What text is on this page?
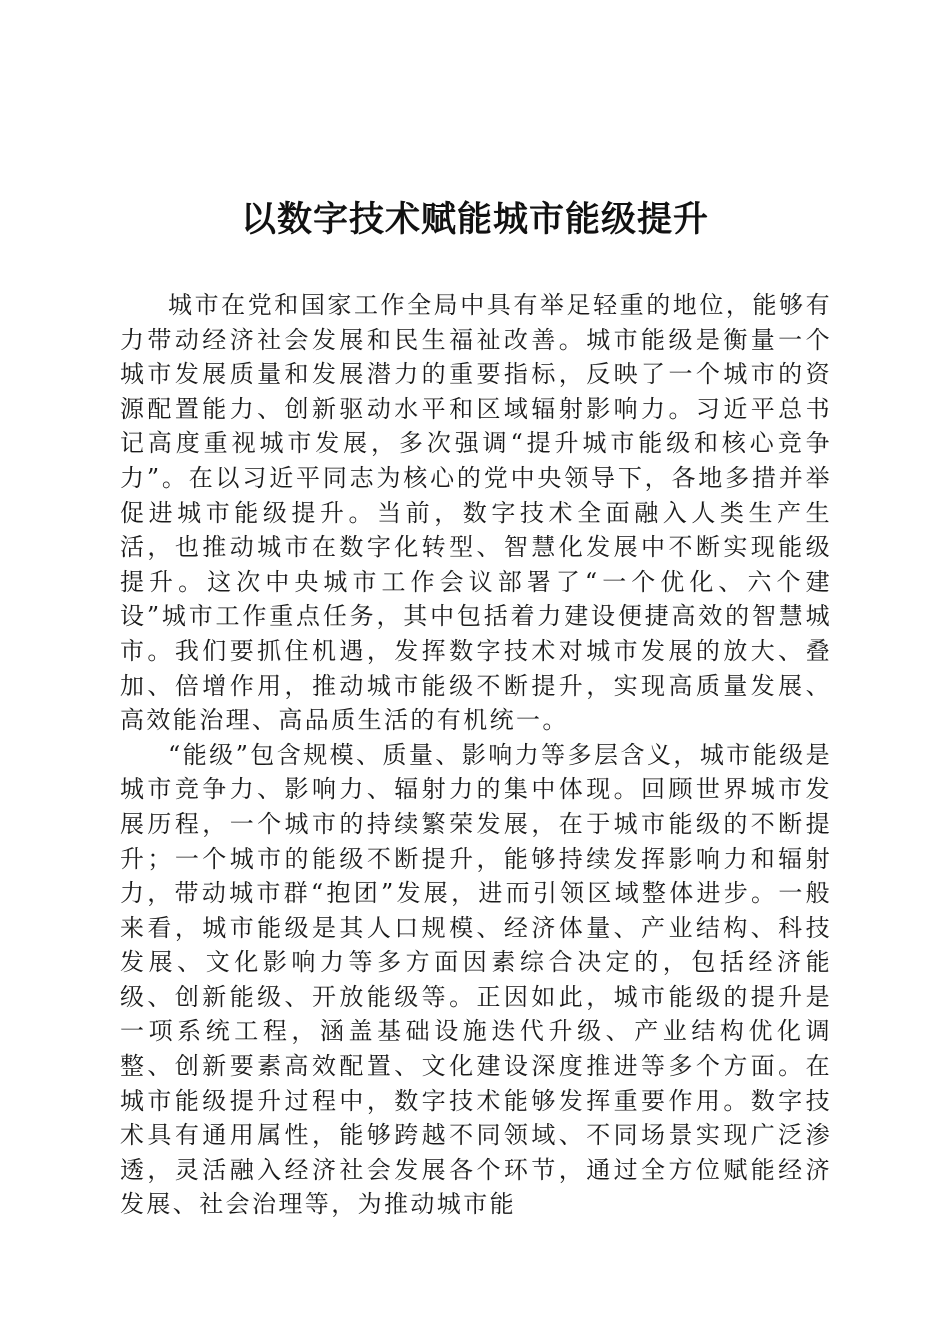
以数字技术赋能城市能级提升

城市在党和国家工作全局中具有举足轻重的地位，能够有力带动经济社会发展和民生福祉改善。城市能级是衡量一个城市发展质量和发展潜力的重要指标，反映了一个城市的资源配置能力、创新驱动水平和区域辐射影响力。习近平总书记高度重视城市发展，多次强调“提升城市能级和核心竞争力”。在以习近平同志为核心的党中央领导下，各地多措并举促进城市能级提升。当前，数字技术全面融入人类生产生活，也推动城市在数字化转型、智慧化发展中不断实现能级提升。这次中央城市工作会议部署了“一个优化、六个建设”城市工作重点任务，其中包括着力建设便捷高效的智慧城市。我们要抓住机遇，发挥数字技术对城市发展的放大、叠加、倍增作用，推动城市能级不断提升，实现高质量发展、高效能治理、高品质生活的有机统一。

“能级”包含规模、质量、影响力等多层含义，城市能级是城市竞争力、影响力、辐射力的集中体现。回顾世界城市发展历程，一个城市的持续繁荣发展，在于城市能级的不断提升；一个城市的能级不断提升，能够持续发挥影响力和辐射力，带动城市群“抱团”发展，进而引领区域整体进步。一般来看，城市能级是其人口规模、经济体量、产业结构、科技发展、文化影响力等多方面因素综合决定的，包括经济能级、创新能级、开放能级等。正因如此，城市能级的提升是一项系统工程，涵盖基础设施迭代升级、产业结构优化调整、创新要素高效配置、文化建设深度推进等多个方面。在城市能级提升过程中，数字技术能够发挥重要作用。数字技术具有通用属性，能够跨越不同领域、不同场景实现广泛渗透，灵活融入经济社会发展各个环节，通过全方位赋能经济发展、社会治理等，为推动城市能
